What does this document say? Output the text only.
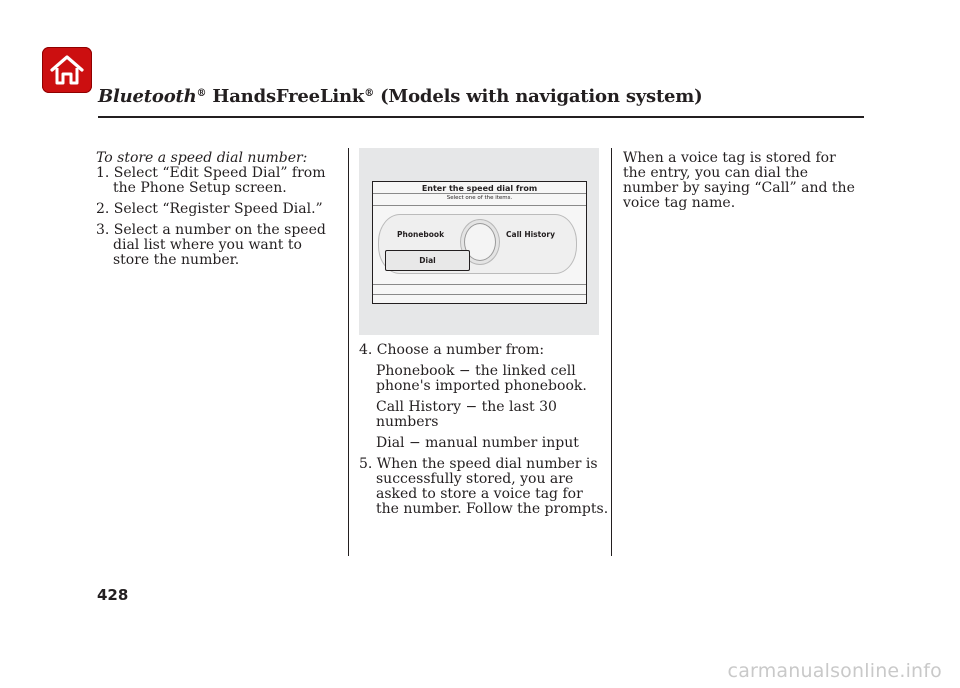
Bluetooth® HandsFreeLink® (Models with navigation system)
To store a speed dial number:
1. Select “Edit Speed Dial” from the Phone Setup screen.
2. Select “Register Speed Dial.”
3. Select a number on the speed dial list where you want to store the number.
Enter the speed dial from
Select one of the items.
Phonebook	Call History
Dial
4. Choose a number from:
Phonebook − the linked cell phone's imported phonebook.
Call History − the last 30 numbers
Dial − manual number input
5. When the speed dial number is successfully stored, you are asked to store a voice tag for the number. Follow the prompts.
When a voice tag is stored for the entry, you can dial the number by saying “Call” and the voice tag name.
428
carmanualsonline.info
